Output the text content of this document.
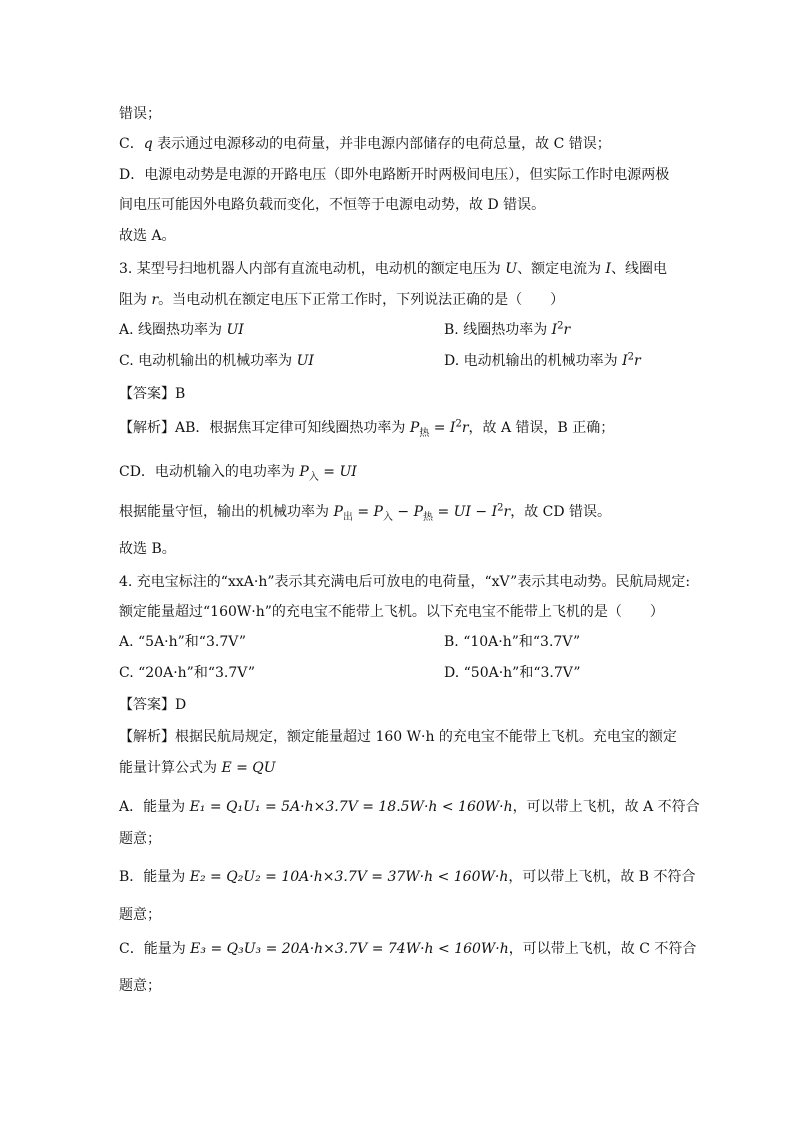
错误；
C．q 表示通过电源移动的电荷量，并非电源内部储存的电荷总量，故 C 错误；
D．电源电动势是电源的开路电压（即外电路断开时两极间电压），但实际工作时电源两极
间电压可能因外电路负载而变化，不恒等于电源电动势，故 D 错误。
故选 A。
3. 某型号扫地机器人内部有直流电动机，电动机的额定电压为 U、额定电流为 I、线圈电
阻为 r。当电动机在额定电压下正常工作时，下列说法正确的是（　　）
A. 线圈热功率为 UI	B. 线圈热功率为 $I^2r$
C. 电动机输出的机械功率为 UI	D. 电动机输出的机械功率为 $I^2r$
【答案】B
【解析】AB．根据焦耳定律可知线圈热功率为 $P_热 = I^2r$，故 A 错误，B 正确；
CD．电动机输入的电功率为 $P_入$ = UI
根据能量守恒，输出的机械功率为 $P_出 = P_入 - P_热$ = UI − $I^2r$，故 CD 错误。
故选 B。
4. 充电宝标注的“xxA·h”表示其充满电后可放电的电荷量，“xV”表示其电动势。民航局规定:
额定能量超过“160W·h”的充电宝不能带上飞机。以下充电宝不能带上飞机的是（　　）
A. “5A·h”和“3.7V”	B. “10A·h”和“3.7V”
C. “20A·h”和“3.7V”	D. “50A·h”和“3.7V”
【答案】D
【解析】根据民航局规定，额定能量超过 160 W·h 的充电宝不能带上飞机。充电宝的额定
能量计算公式为 E = QU
A．能量为 E₁ = Q₁U₁ = 5A·h×3.7V = 18.5W·h < 160W·h，可以带上飞机，故 A 不符合
题意；
B．能量为 E₂ = Q₂U₂ = 10A·h×3.7V = 37W·h < 160W·h，可以带上飞机，故 B 不符合
题意；
C．能量为 E₃ = Q₃U₃ = 20A·h×3.7V = 74W·h < 160W·h，可以带上飞机，故 C 不符合
题意；
